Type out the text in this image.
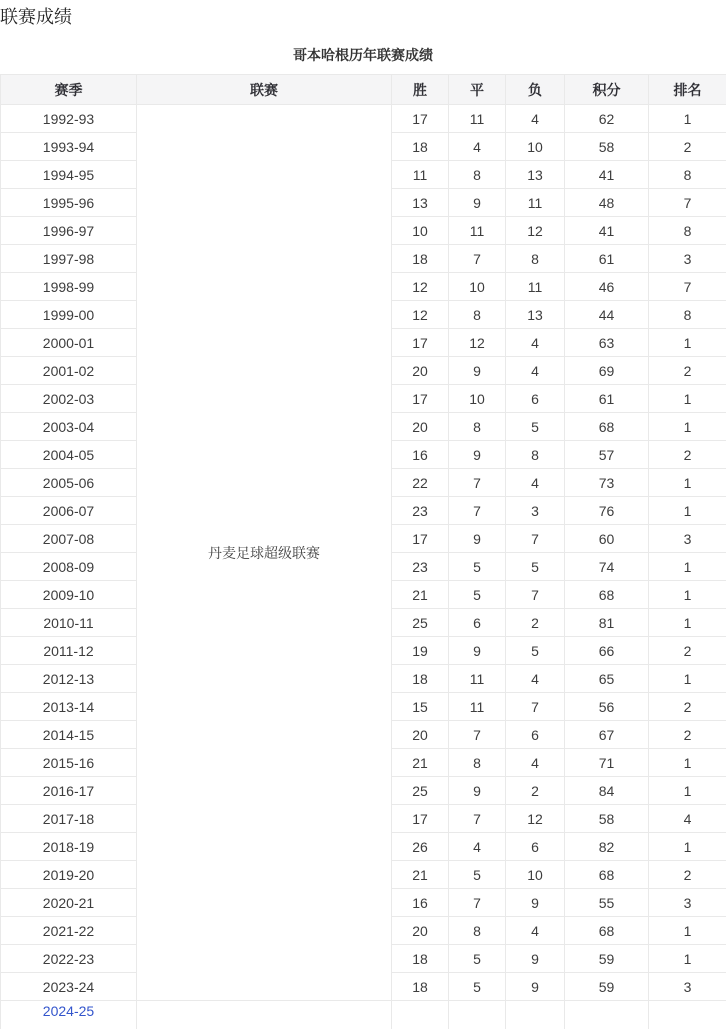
联赛成绩
哥本哈根历年联赛成绩
赛季	联赛	胜	平	负	积分	排名
1992-93	丹麦足球超级联赛	17	11	4	62	1
1993-94		18	4	10	58	2
1994-95		11	8	13	41	8
1995-96		13	9	11	48	7
1996-97		10	11	12	41	8
1997-98		18	7	8	61	3
1998-99		12	10	11	46	7
1999-00		12	8	13	44	8
2000-01		17	12	4	63	1
2001-02		20	9	4	69	2
2002-03		17	10	6	61	1
2003-04		20	8	5	68	1
2004-05		16	9	8	57	2
2005-06		22	7	4	73	1
2006-07		23	7	3	76	1
2007-08		17	9	7	60	3
2008-09		23	5	5	74	1
2009-10		21	5	7	68	1
2010-11		25	6	2	81	1
2011-12		19	9	5	66	2
2012-13		18	11	4	65	1
2013-14		15	11	7	56	2
2014-15		20	7	6	67	2
2015-16		21	8	4	71	1
2016-17		25	9	2	84	1
2017-18		17	7	12	58	4
2018-19		26	4	6	82	1
2019-20		21	5	10	68	2
2020-21		16	7	9	55	3
2021-22		20	8	4	68	1
2022-23		18	5	9	59	1
2023-24		18	5	9	59	3
2024-25						
